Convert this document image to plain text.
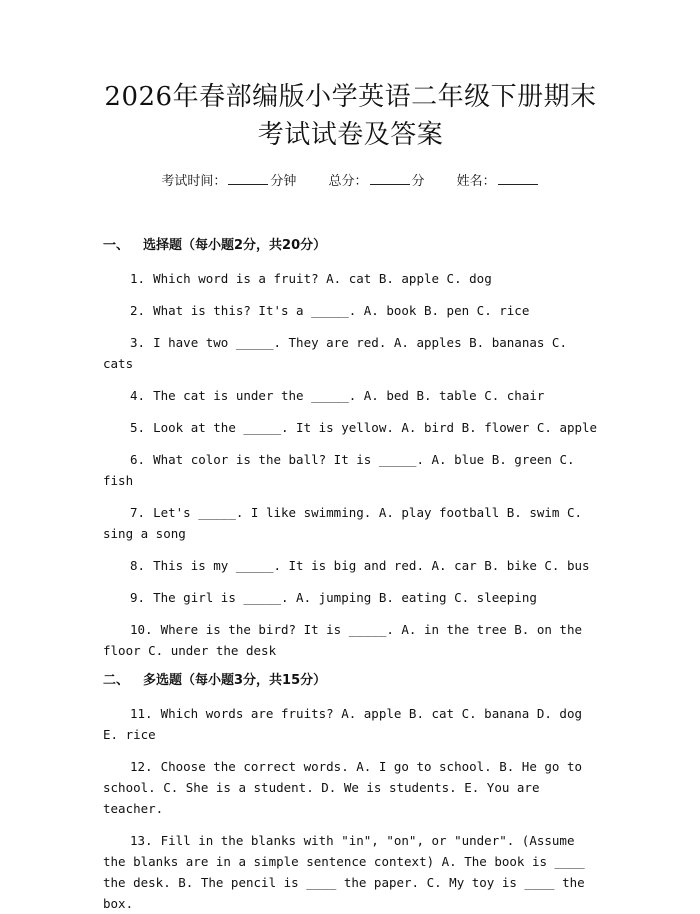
2026年春部编版小学英语二年级下册期末考试试卷及答案
考试时间：	分钟 总分：	分 姓名：
一、 选择题（每小题2分，共20分）

1. Which word is a fruit? A. cat B. apple C. dog

2. What is this? It's a _____. A. book B. pen C. rice

3. I have two _____. They are red. A. apples B. bananas C. cats

4. The cat is under the _____. A. bed B. table C. chair

5. Look at the _____. It is yellow. A. bird B. flower C. apple

6. What color is the ball? It is _____. A. blue B. green C. fish

7. Let's _____. I like swimming. A. play football B. swim C. sing a song

8. This is my _____. It is big and red. A. car B. bike C. bus

9. The girl is _____. A. jumping B. eating C. sleeping

10. Where is the bird? It is _____. A. in the tree B. on the floor C. under the desk

二、 多选题（每小题3分，共15分）

11. Which words are fruits? A. apple B. cat C. banana D. dog E. rice

12. Choose the correct words. A. I go to school. B. He go to school. C. She is a student. D. We is students. E. You are teacher.

13. Fill in the blanks with "in", "on", or "under". (Assume the blanks are in a simple sentence context) A. The book is ____ the desk. B. The pencil is ____ the paper. C. My toy is ____ the box.
